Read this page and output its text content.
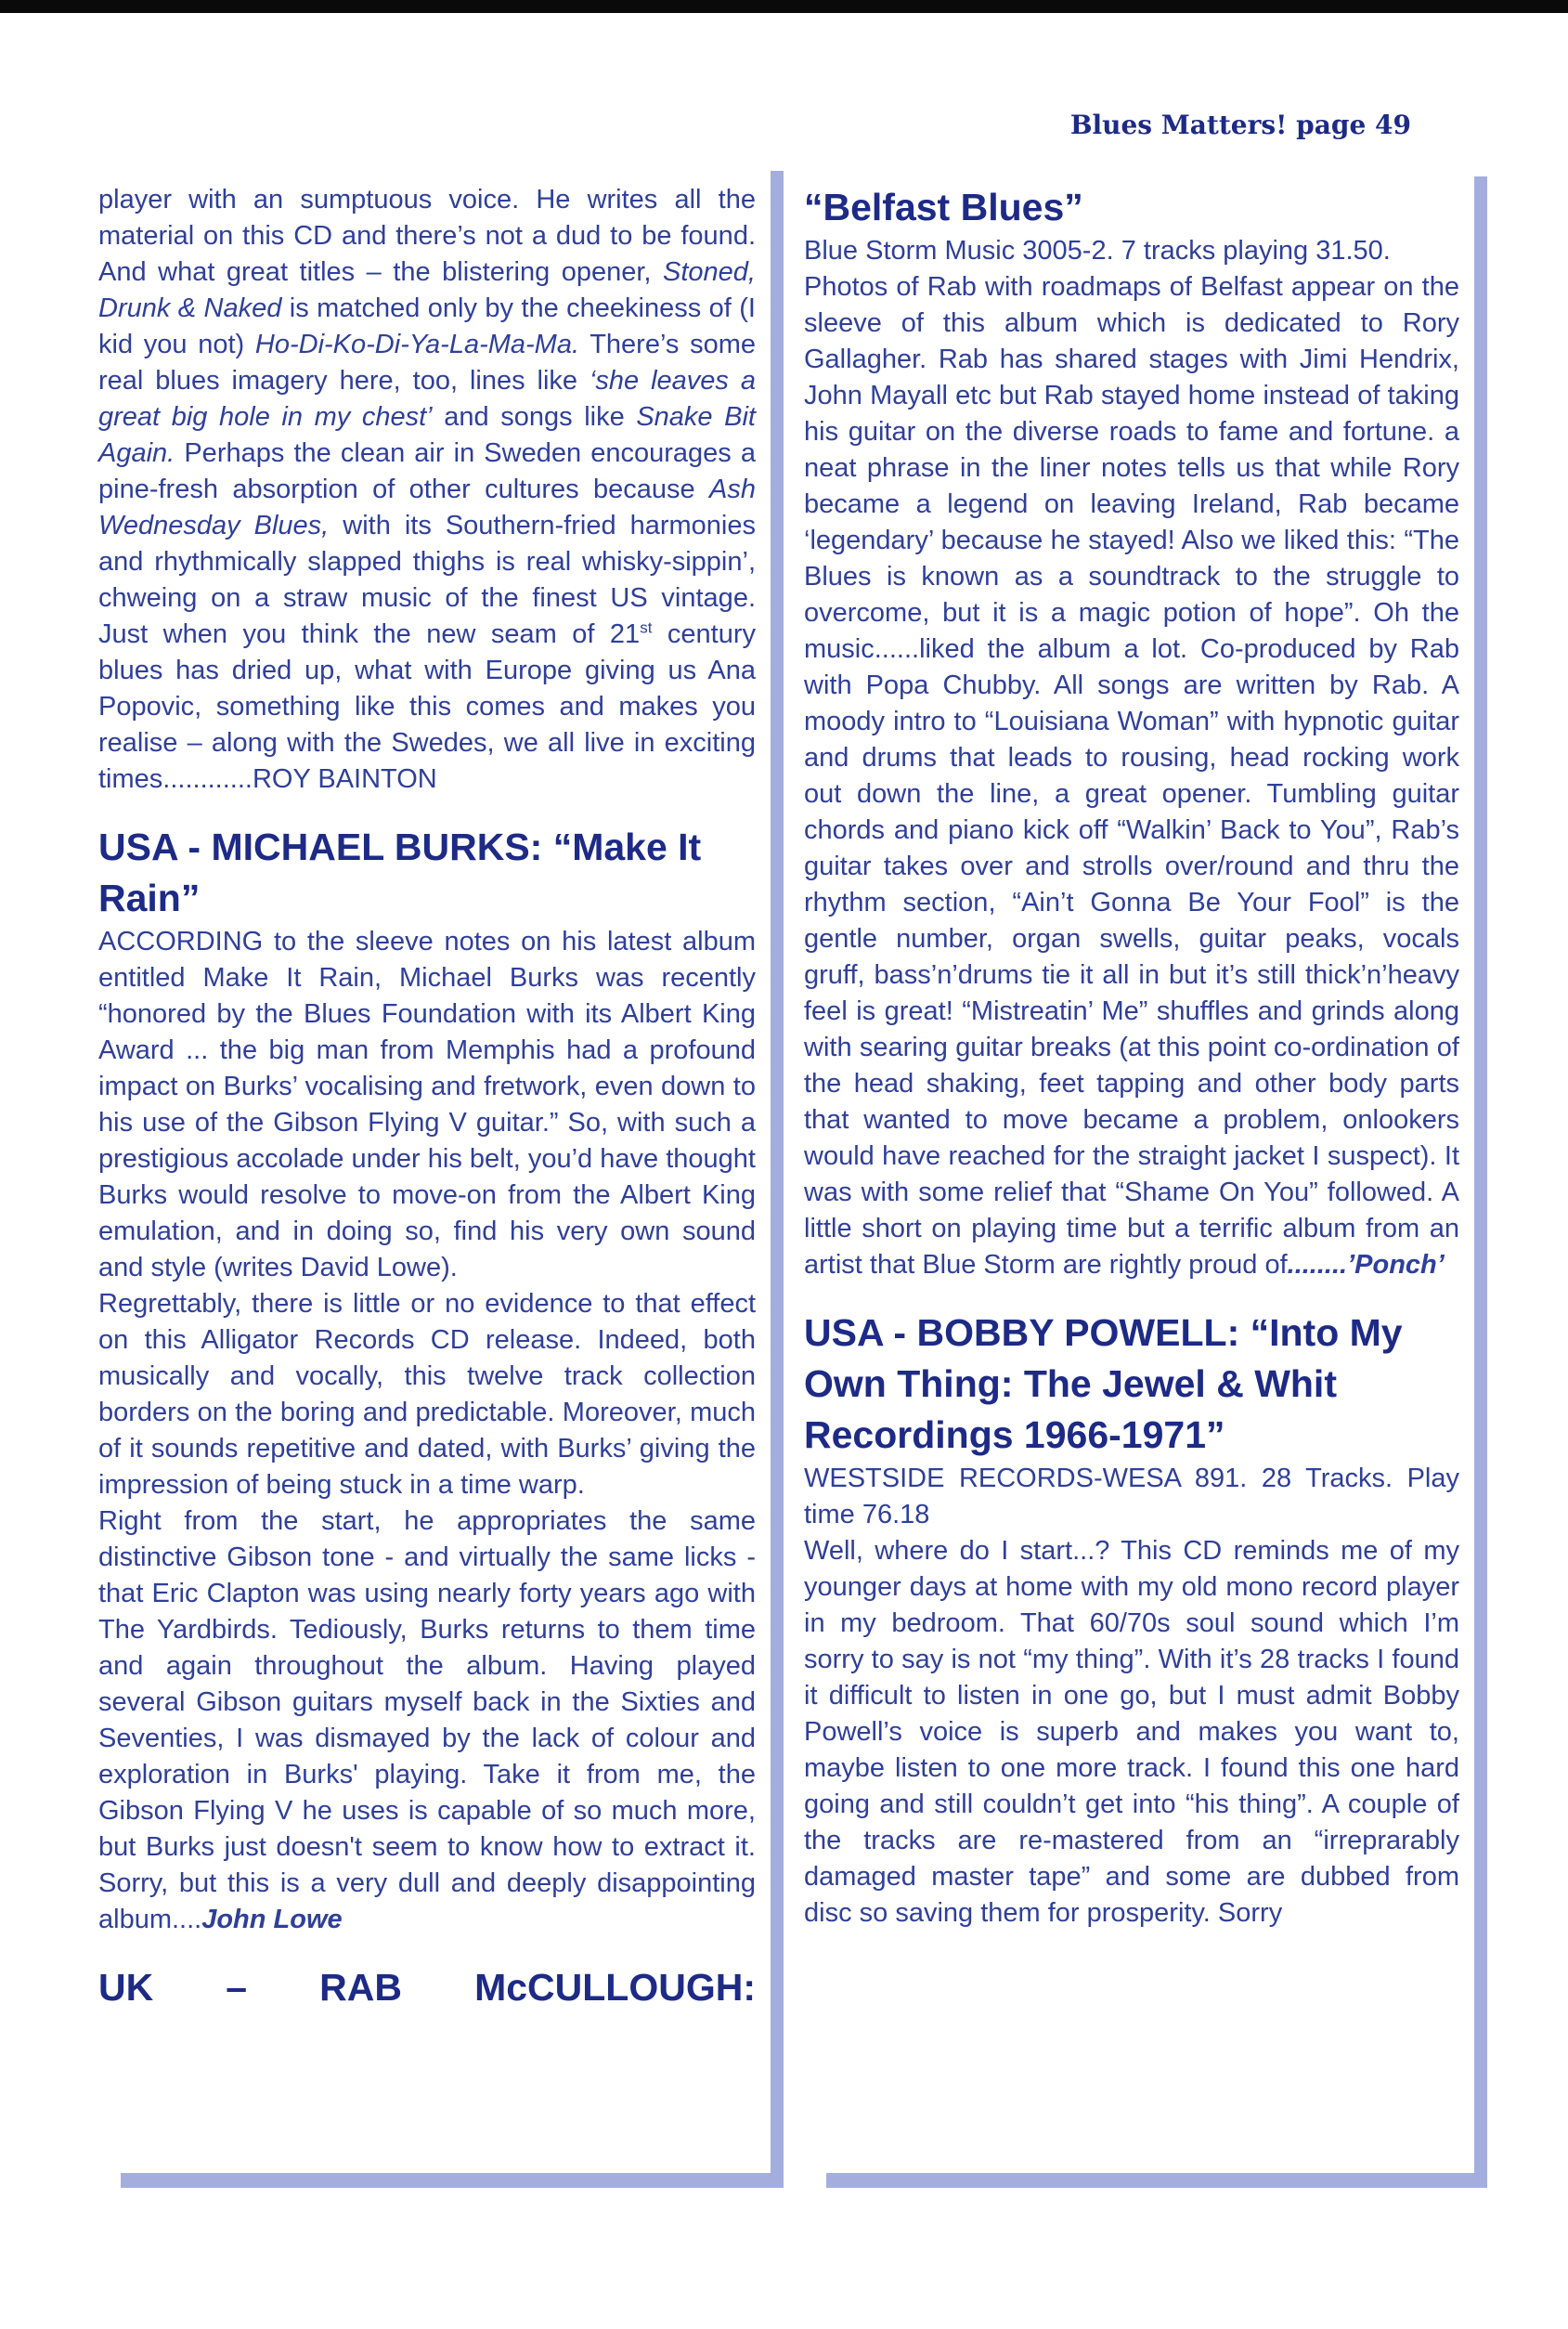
Blues Matters! page 49

player with an sumptuous voice. He writes all the material on this CD and there’s not a dud to be found. And what great titles – the blistering opener, Stoned, Drunk & Naked is matched only by the cheekiness of (I kid you not) Ho-Di-Ko-Di-Ya-La-Ma-Ma. There’s some real blues imagery here, too, lines like ‘she leaves a great big hole in my chest’ and songs like Snake Bit Again. Perhaps the clean air in Sweden encourages a pine-fresh absorption of other cultures because Ash Wednesday Blues, with its Southern-fried harmonies and rhythmically slapped thighs is real whisky-sippin’, chweing on a straw music of the finest US vintage. Just when you think the new seam of 21st century blues has dried up, what with Europe giving us Ana Popovic, something like this comes and makes you realise – along with the Swedes, we all live in exciting times............ROY BAINTON

USA - MICHAEL BURKS: “Make It Rain”

ACCORDING to the sleeve notes on his latest album entitled Make It Rain, Michael Burks was recently “honored by the Blues Foundation with its Albert King Award ... the big man from Memphis had a profound impact on Burks’ vocalising and fretwork, even down to his use of the Gibson Flying V guitar.” So, with such a prestigious accolade under his belt, you’d have thought Burks would resolve to move-on from the Albert King emulation, and in doing so, find his very own sound and style (writes David Lowe).

Regrettably, there is little or no evidence to that effect on this Alligator Records CD release. Indeed, both musically and vocally, this twelve track collection borders on the boring and predictable. Moreover, much of it sounds repetitive and dated, with Burks’ giving the impression of being stuck in a time warp.

Right from the start, he appropriates the same distinctive Gibson tone - and virtually the same licks - that Eric Clapton was using nearly forty years ago with The Yardbirds. Tediously, Burks returns to them time and again throughout the album. Having played several Gibson guitars myself back in the Sixties and Seventies, I was dismayed by the lack of colour and exploration in Burks' playing. Take it from me, the Gibson Flying V he uses is capable of so much more, but Burks just doesn't seem to know how to extract it. Sorry, but this is a very dull and deeply disappointing album....John Lowe

UK – RAB McCULLOUGH:
“Belfast Blues”

Blue Storm Music 3005-2. 7 tracks playing 31.50.

Photos of Rab with roadmaps of Belfast appear on the sleeve of this album which is dedicated to Rory Gallagher. Rab has shared stages with Jimi Hendrix, John Mayall etc but Rab stayed home instead of taking his guitar on the diverse roads to fame and fortune. a neat phrase in the liner notes tells us that while Rory became a legend on leaving Ireland, Rab became ‘legendary’ because he stayed! Also we liked this: “The Blues is known as a soundtrack to the struggle to overcome, but it is a magic potion of hope”. Oh the music......liked the album a lot. Co-produced by Rab with Popa Chubby. All songs are written by Rab. A moody intro to “Louisiana Woman” with hypnotic guitar and drums that leads to rousing, head rocking work out down the line, a great opener. Tumbling guitar chords and piano kick off “Walkin’ Back to You”, Rab’s guitar takes over and strolls over/round and thru the rhythm section, “Ain’t Gonna Be Your Fool” is the gentle number, organ swells, guitar peaks, vocals gruff, bass’n’drums tie it all in but it’s still thick’n’heavy feel is great! “Mistreatin’ Me” shuffles and grinds along with searing guitar breaks (at this point co-ordination of the head shaking, feet tapping and other body parts that wanted to move became a problem, onlookers would have reached for the straight jacket I suspect). It was with some relief that “Shame On You” followed. A little short on playing time but a terrific album from an artist that Blue Storm are rightly proud of........’Ponch’

USA - BOBBY POWELL: “Into My Own Thing: The Jewel & Whit Recordings 1966-1971”

WESTSIDE RECORDS-WESA 891. 28 Tracks. Play time 76.18

Well, where do I start...? This CD reminds me of my younger days at home with my old mono record player in my bedroom. That 60/70s soul sound which I’m sorry to say is not “my thing”. With it’s 28 tracks I found it difficult to listen in one go, but I must admit Bobby Powell’s voice is superb and makes you want to, maybe listen to one more track. I found this one hard going and still couldn’t get into “his thing”. A couple of the tracks are re-mastered from an “irreprarably damaged master tape” and some are dubbed from disc so saving them for prosperity. Sorry
